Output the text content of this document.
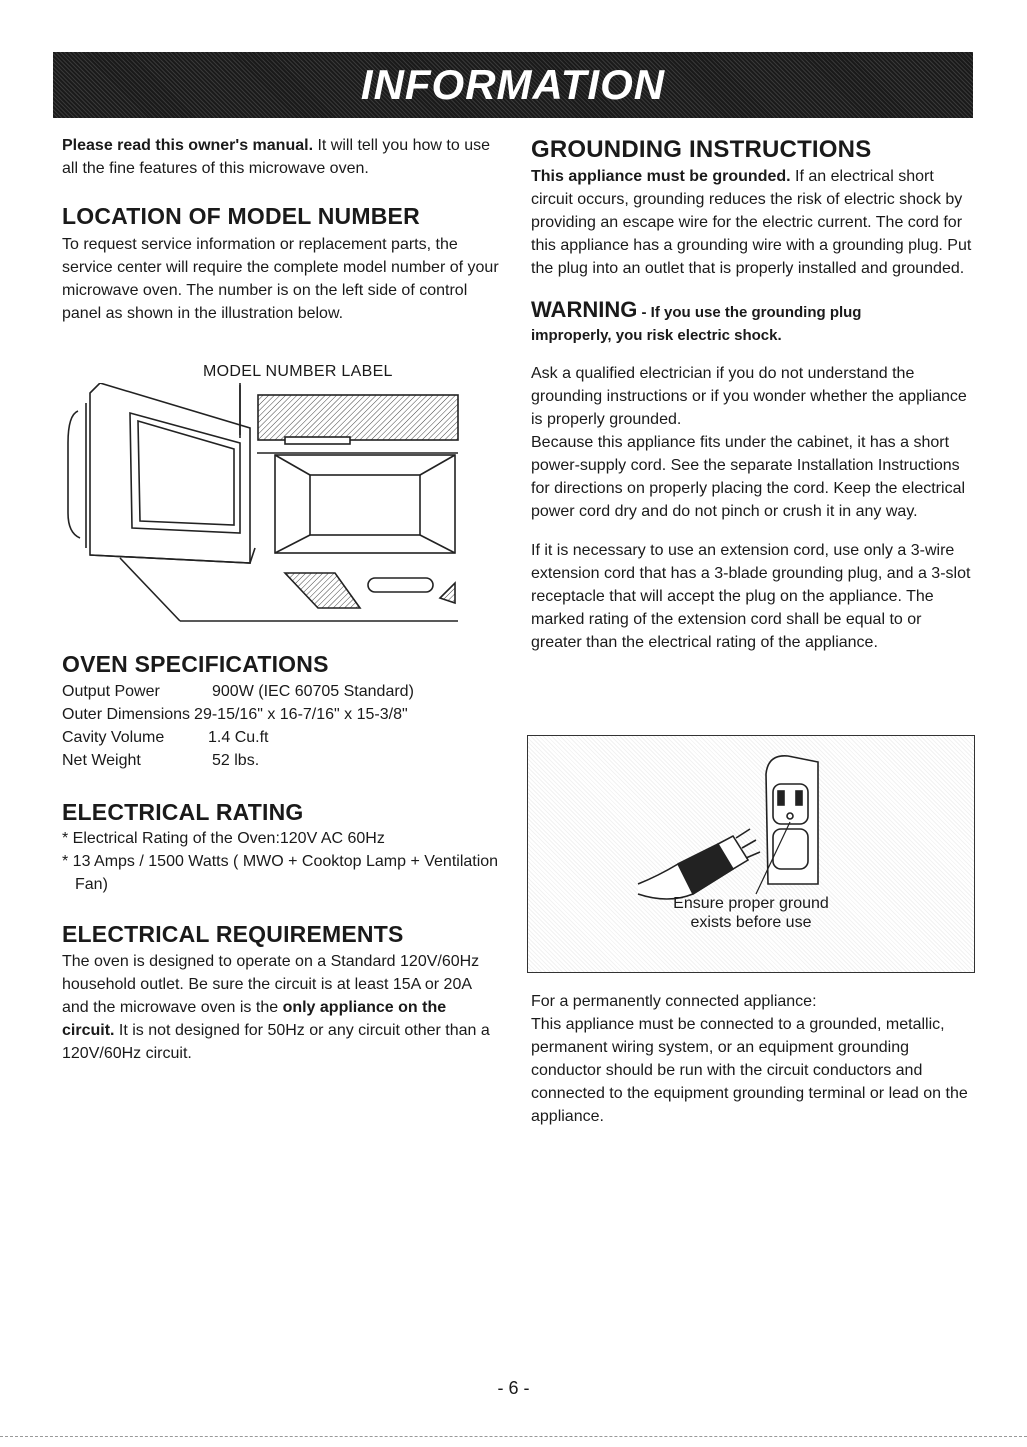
INFORMATION

Please read this owner's manual. It will tell you how to use all the fine features of this microwave oven.

LOCATION OF MODEL NUMBER

To request service information or replacement parts, the service center will require the complete model number of your microwave oven. The number is on the left side of control panel as shown in the illustration below.

MODEL NUMBER LABEL
OVEN SPECIFICATIONS
Output Power	900W (IEC 60705 Standard)
Outer Dimensions 29-15/16" x 16-7/16" x 15-3/8"
Cavity Volume	1.4 Cu.ft
Net Weight	52 lbs.
ELECTRICAL RATING
* Electrical Rating of the Oven:120V AC 60Hz
* 13 Amps / 1500 Watts ( MWO + Cooktop Lamp + Ventilation Fan)
ELECTRICAL REQUIREMENTS

The oven is designed to operate on a Standard 120V/60Hz household outlet. Be sure the circuit is at least 15A or 20A and the microwave oven is the only appliance on the circuit. It is not designed for 50Hz or any circuit other than a 120V/60Hz circuit.

GROUNDING INSTRUCTIONS

This appliance must be grounded. If an electrical short circuit occurs, grounding reduces the risk of electric shock by providing an escape wire for the electric current. The cord for this appliance has a grounding wire with a grounding plug. Put the plug into an outlet that is properly installed and grounded.

WARNING - If you use the grounding plug

improperly, you risk electric shock.

Ask a qualified electrician if you do not understand the grounding instructions or if you wonder whether the appliance is properly grounded.

Because this appliance fits under the cabinet, it has a short power-supply cord. See the separate Installation Instructions for directions on properly placing the cord. Keep the electrical power cord dry and do not pinch or crush it in any way.

If it is necessary to use an extension cord, use only a 3-wire extension cord that has a 3-blade grounding plug, and a 3-slot receptacle that will accept the plug on the appliance. The marked rating of the extension cord shall be equal to or greater than the electrical rating of the appliance.

Ensure proper ground
exists before use

For a permanently connected appliance:

This appliance must be connected to a grounded, metallic, permanent wiring system, or an equipment grounding conductor should be run with the circuit conductors and connected to the equipment grounding terminal or lead on the appliance.

- 6 -
